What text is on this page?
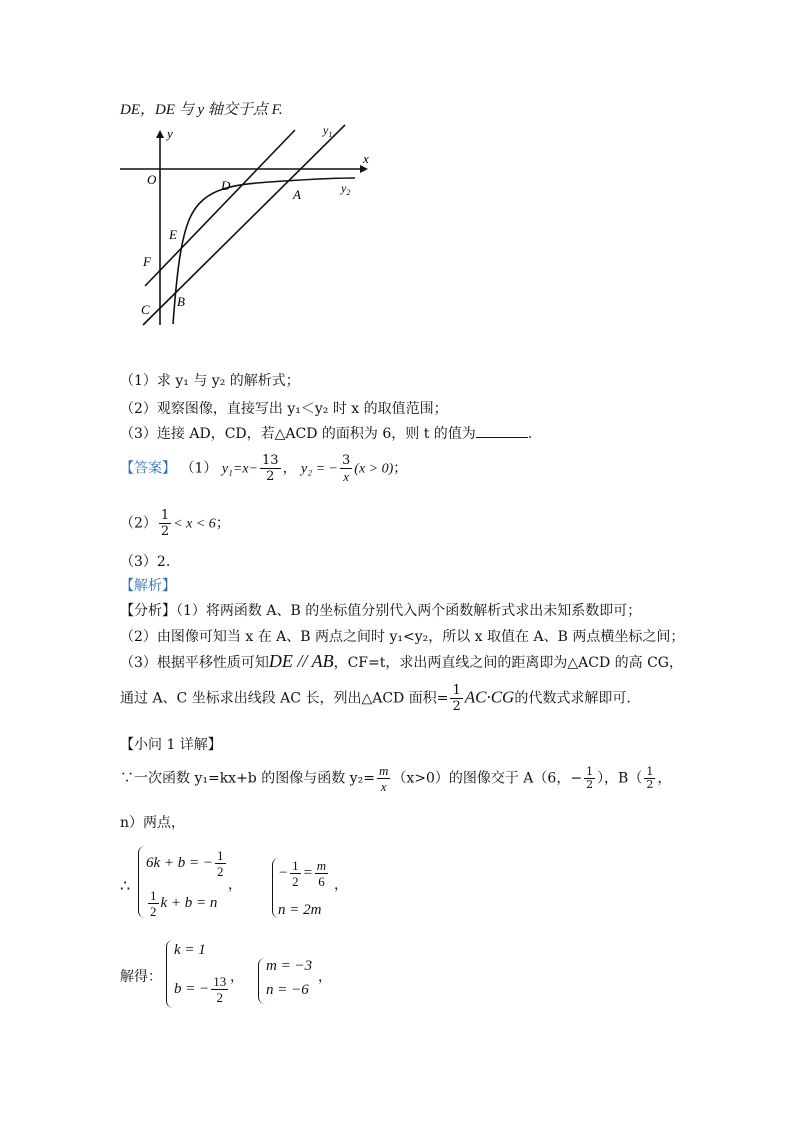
DE，DE 与 y 轴交于点 F.
y
x
O
$y_1$
$y_2$
D
A
E
F
C
B
（1）求 y₁ 与 y₂ 的解析式；
（2）观察图像，直接写出 y₁＜y₂ 时 x 的取值范围；
（3）连接 AD，CD，若△ACD 的面积为 6，则 t 的值为	.
【答案】 （1） $y_1=x- \frac{13}{2}$ ， y₂ = − $\frac{3}{x} (x > 0)$；
$(2) \frac{1}{2} < x < 6$；
（3）2.
【解析】
【分析】（1）将两函数 A、B 的坐标值分别代入两个函数解析式求出未知系数即可；
（2）由图像可知当 x 在 A、B 两点之间时 y₁<y₂，所以 x 取值在 A、B 两点横坐标之间；
（3）根据平移性质可知DE // AB，CF=t，求出两直线之间的距离即为△ACD 的高 CG，
通过 A、C 坐标求出线段 AC 长，列出△ACD 面积= $\frac{1}{2} AC\cdot CG$的代数式求解即可.
【小问 1 详解】
∵一次函数 y₁=kx+b 的图像与函数 $y_2= \frac{m}{x} (x>0)$的图像交于 A（6，− $\frac{1}{2}$ ），$B( \frac{1}{2}$ ，
n）两点，
∴
6k + b = − $\frac{1}{2}$
$\frac{1}{2}$ k + b = n
，
− $\frac{1}{2} = \frac{m}{6}$
n = 2m
，
解得：
k = 1
b = − $\frac{13}{2}$ ，
m = −3
n = −6
，
